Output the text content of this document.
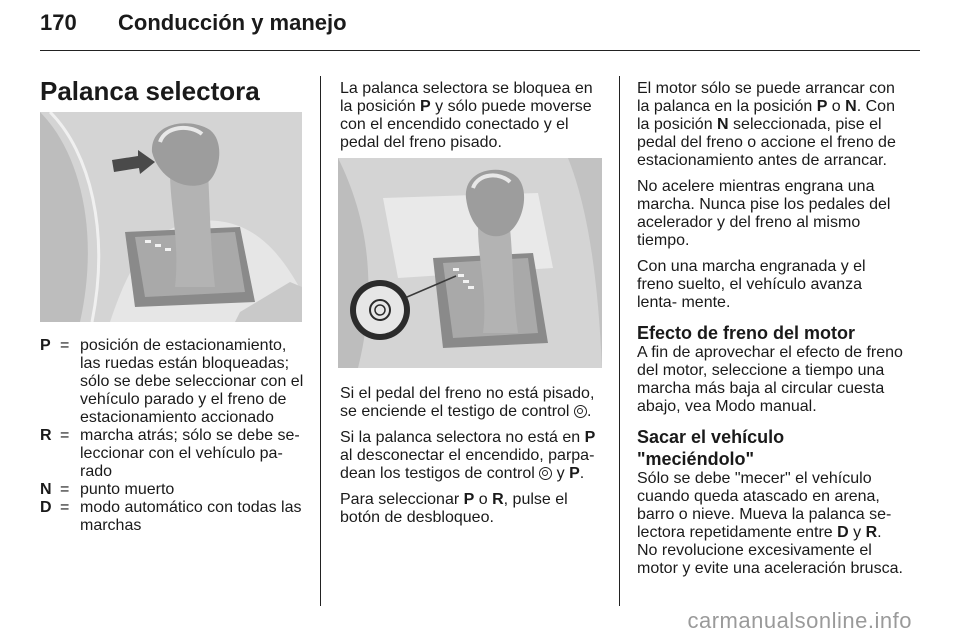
170 Conducción y manejo
Palanca selectora
P = posición de estacionamiento, las ruedas están bloqueadas; sólo se debe seleccionar con el vehículo parado y el freno de estacionamiento accionado
R = marcha atrás; sólo se debe se- leccionar con el vehículo pa- rado
N = punto muerto
D = modo automático con todas las marchas

La palanca selectora se bloquea en la posición P y sólo puede moverse con el encendido conectado y el pedal del freno pisado.

Si el pedal del freno no está pisado, se enciende el testigo de control .

Si la palanca selectora no está en P al desconectar el encendido, parpa- dean los testigos de control  y P.

Para seleccionar P o R, pulse el botón de desbloqueo.

El motor sólo se puede arrancar con la palanca en la posición P o N. Con la posición N seleccionada, pise el pedal del freno o accione el freno de estacionamiento antes de arrancar.

No acelere mientras engrana una marcha. Nunca pise los pedales del acelerador y del freno al mismo tiempo.

Con una marcha engranada y el freno suelto, el vehículo avanza lenta- mente.

Efecto de freno del motor

A fin de aprovechar el efecto de freno del motor, seleccione a tiempo una marcha más baja al circular cuesta abajo, vea Modo manual.

Sacar el vehículo "meciéndolo"

Sólo se debe "mecer" el vehículo cuando queda atascado en arena, barro o nieve. Mueva la palanca se- lectora repetidamente entre D y R. No revolucione excesivamente el motor y evite una aceleración brusca.

carmanualsonline.info
